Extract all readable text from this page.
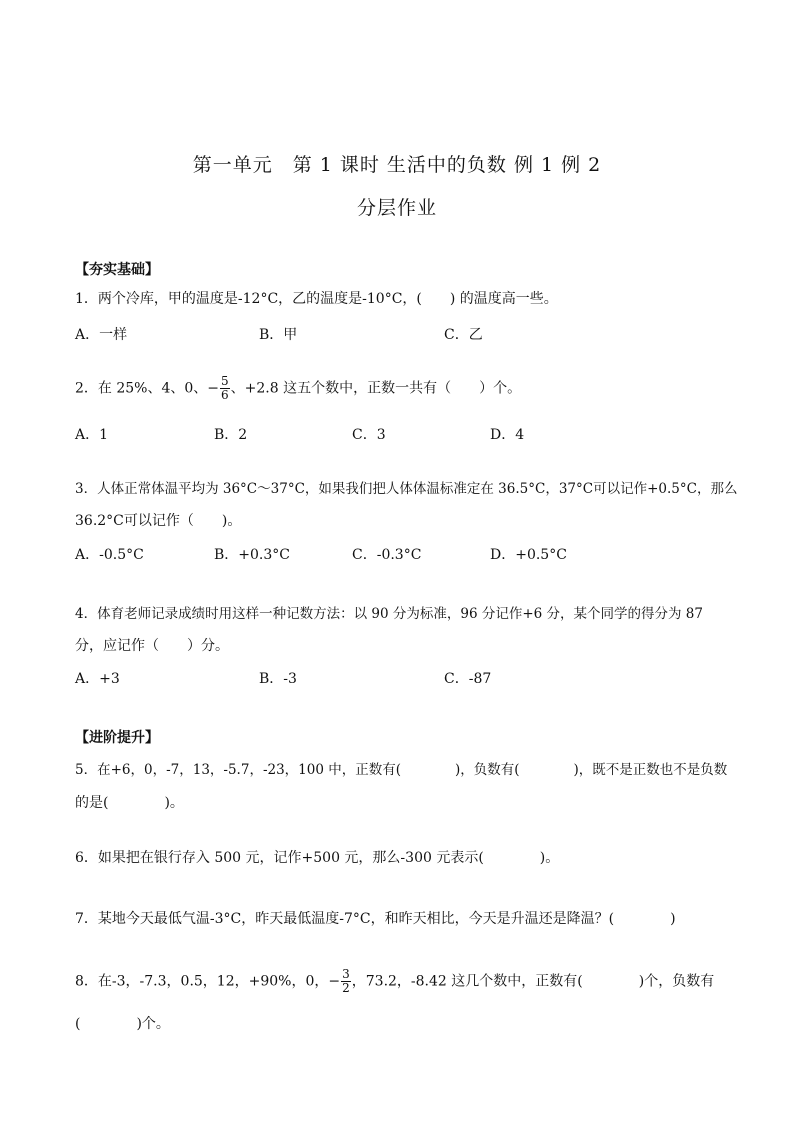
第一单元　第 1 课时 生活中的负数 例 1 例 2
分层作业
【夯实基础】
1．两个冷库，甲的温度是-12°C，乙的温度是-10°C，(　　) 的温度高一些。
A．一样	B．甲	C．乙
2．在 25%、4、0、− $\frac{5}{6}$ 、+2.8 这五个数中，正数一共有（　　）个。
A．1	B．2	C．3	D．4
3．人体正常体温平均为 36°C～37°C，如果我们把人体体温标准定在 36.5°C，37°C可以记作+0.5°C，那么
36.2°C可以记作（　　)。
A．-0.5°C	B．+0.3°C	C．-0.3°C	D．+0.5°C
4．体育老师记录成绩时用这样一种记数方法：以 90 分为标准，96 分记作+6 分，某个同学的得分为 87
分，应记作（　　）分。
A．+3	B．-3	C．-87
【进阶提升】
5．在+6，0，-7，13，-5.7，-23，100 中，正数有(　　　　)，负数有(　　　　)，既不是正数也不是负数
的是(　　　　)。
6．如果把在银行存入 500 元，记作+500 元，那么-300 元表示(　　　　)。
7．某地今天最低气温-3°C，昨天最低温度-7°C，和昨天相比，今天是升温还是降温？(　　　　)
8．在-3，-7.3，0.5，12，+90%，0，− $\frac{3}{2}$ ，73.2，-8.42 这几个数中，正数有(　　　　)个，负数有
(　　　　)个。
